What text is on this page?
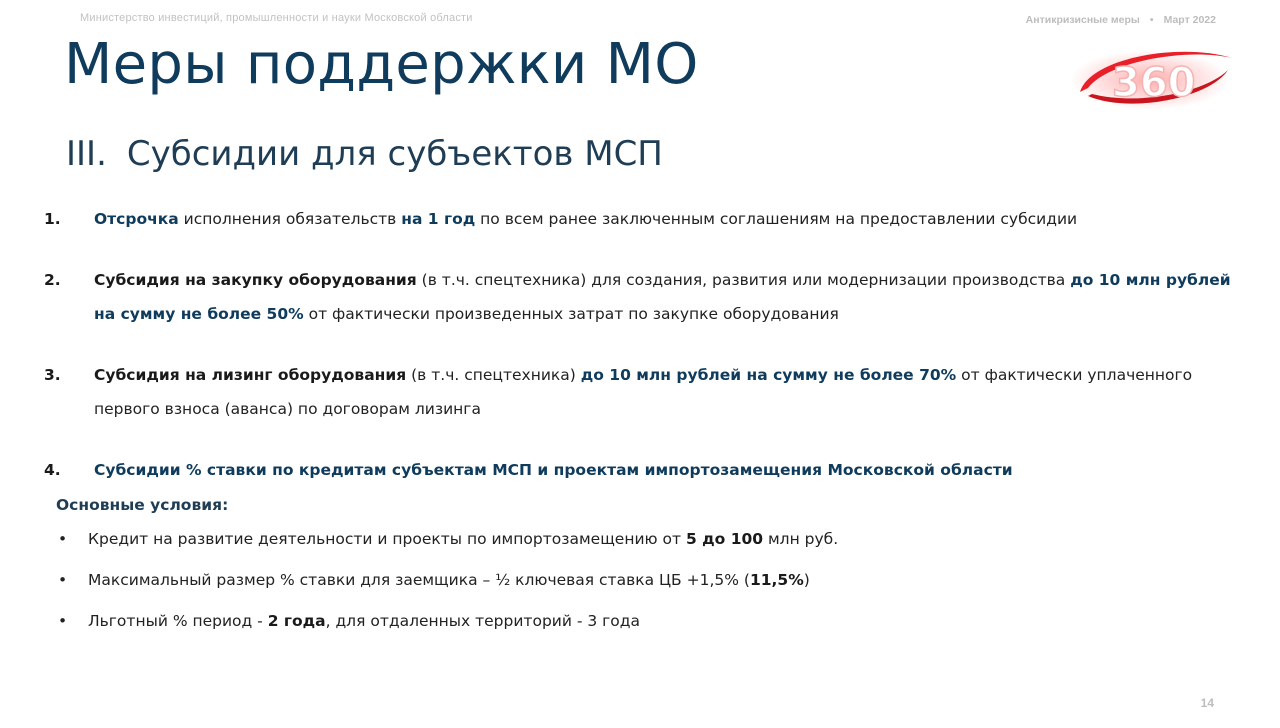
Министерство инвестиций, промышленности и науки Московской области	Антикризисные меры • Март 2022
360
Меры поддержки МО
III. Субсидии для субъектов МСП
1.	Отсрочка исполнения обязательств на 1 год по всем ранее заключенным соглашениям на предоставлении субсидии
2.	Субсидия на закупку оборудования (в т.ч. спецтехника) для создания, развития или модернизации производства до 10 млн рублей на сумму не более 50% от фактически произведенных затрат по закупке оборудования
3.	Субсидия на лизинг оборудования (в т.ч. спецтехника) до 10 млн рублей на сумму не более 70% от фактически уплаченного первого взноса (аванса) по договорам лизинга
4.	Субсидии % ставки по кредитам субъектам МСП и проектам импортозамещения Московской области
Основные условия:
•	Кредит на развитие деятельности и проекты по импортозамещению от 5 до 100 млн руб.
•	Максимальный размер % ставки для заемщика – ½ ключевая ставка ЦБ +1,5% (11,5%)
•	Льготный % период - 2 года, для отдаленных территорий - 3 года
14
